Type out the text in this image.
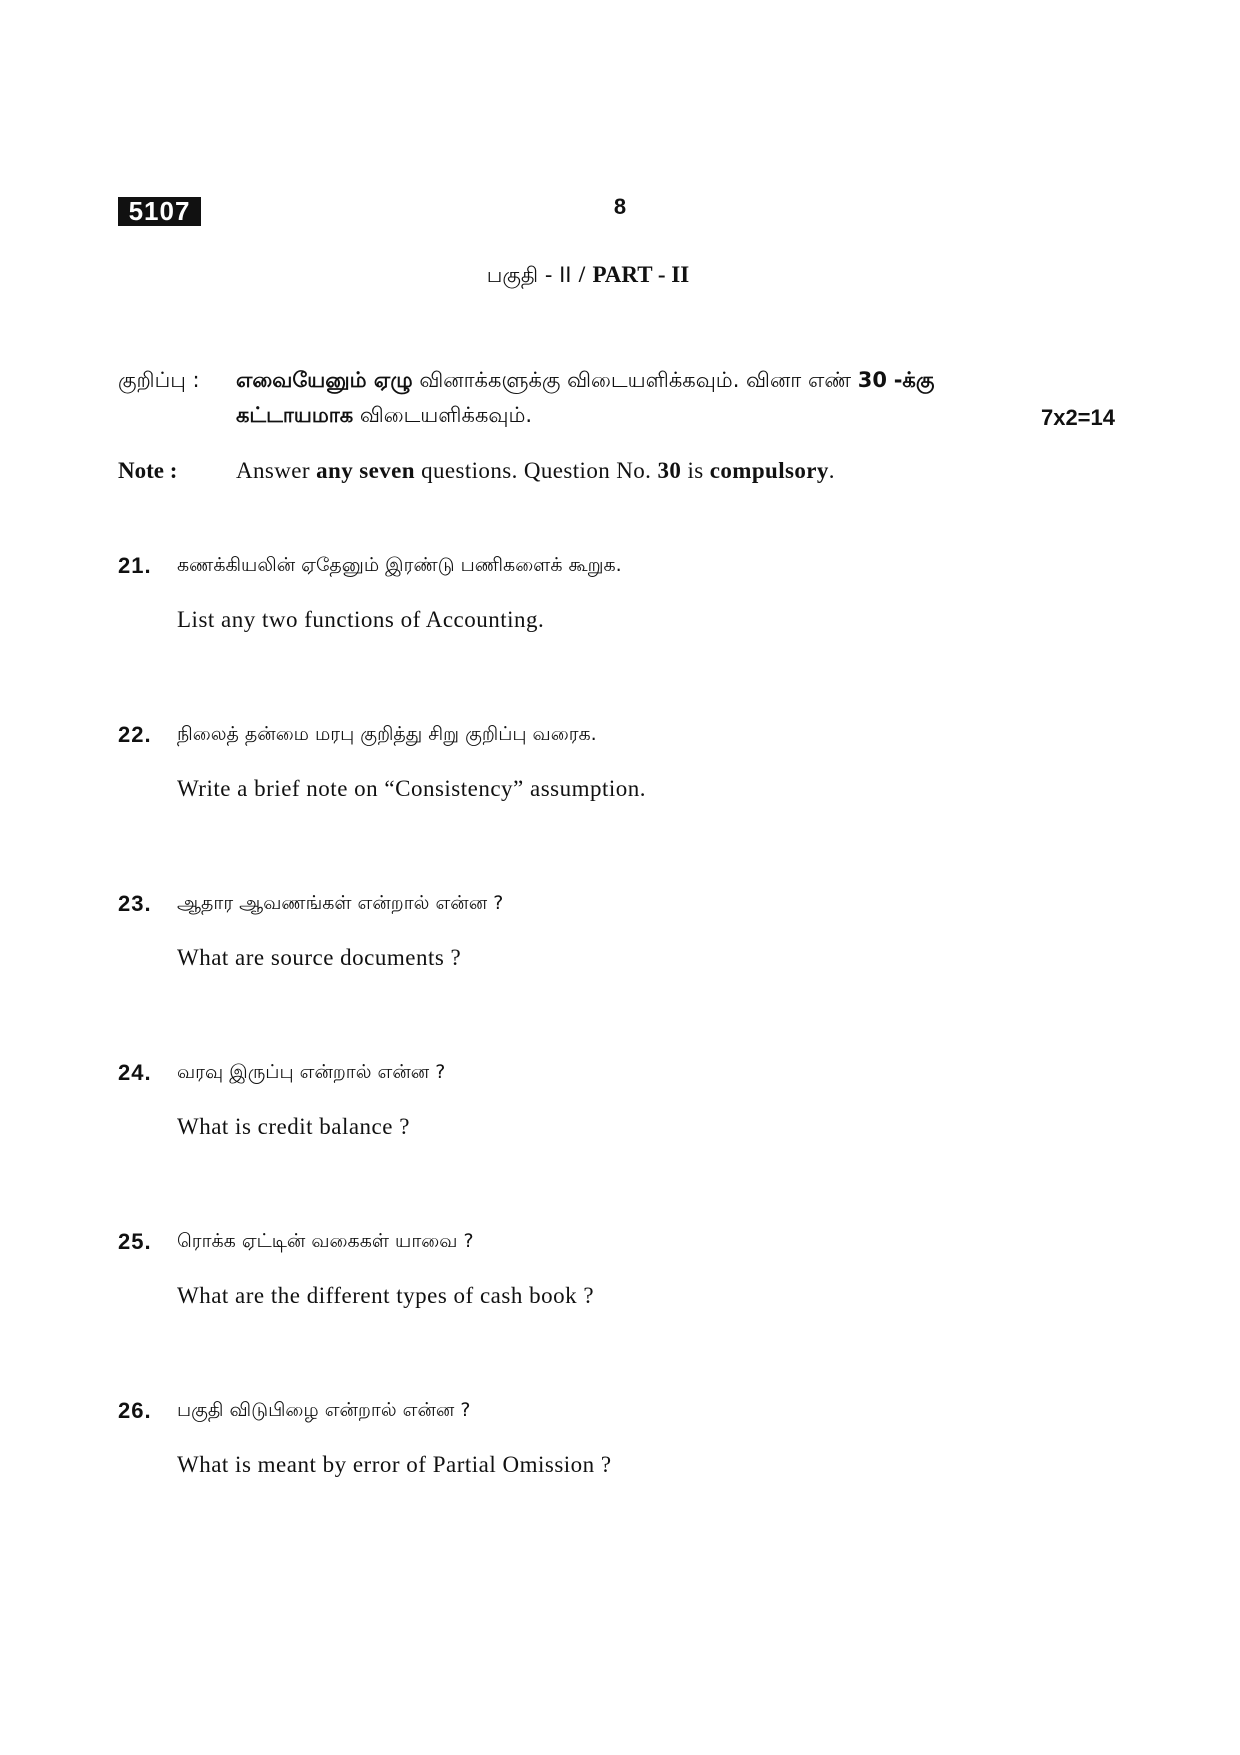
5107	8
பகுதி - II / PART - II
குறிப்பு : எவையேனும் ஏழு வினாக்களுக்கு விடையளிக்கவும். வினா எண் 30 -க்கு
கட்டாயமாக விடையளிக்கவும்.	7x2=14
Note :	Answer any seven questions. Question No. 30 is compulsory.
21. கணக்கியலின் ஏதேனும் இரண்டு பணிகளைக் கூறுக.
List any two functions of Accounting.
22. நிலைத் தன்மை மரபு குறித்து சிறு குறிப்பு வரைக.
Write a brief note on “Consistency” assumption.
23. ஆதார ஆவணங்கள் என்றால் என்ன ?
What are source documents ?
24. வரவு இருப்பு என்றால் என்ன ?
What is credit balance ?
25. ரொக்க ஏட்டின் வகைகள் யாவை ?
What are the different types of cash book ?
26. பகுதி விடுபிழை என்றால் என்ன ?
What is meant by error of Partial Omission ?
